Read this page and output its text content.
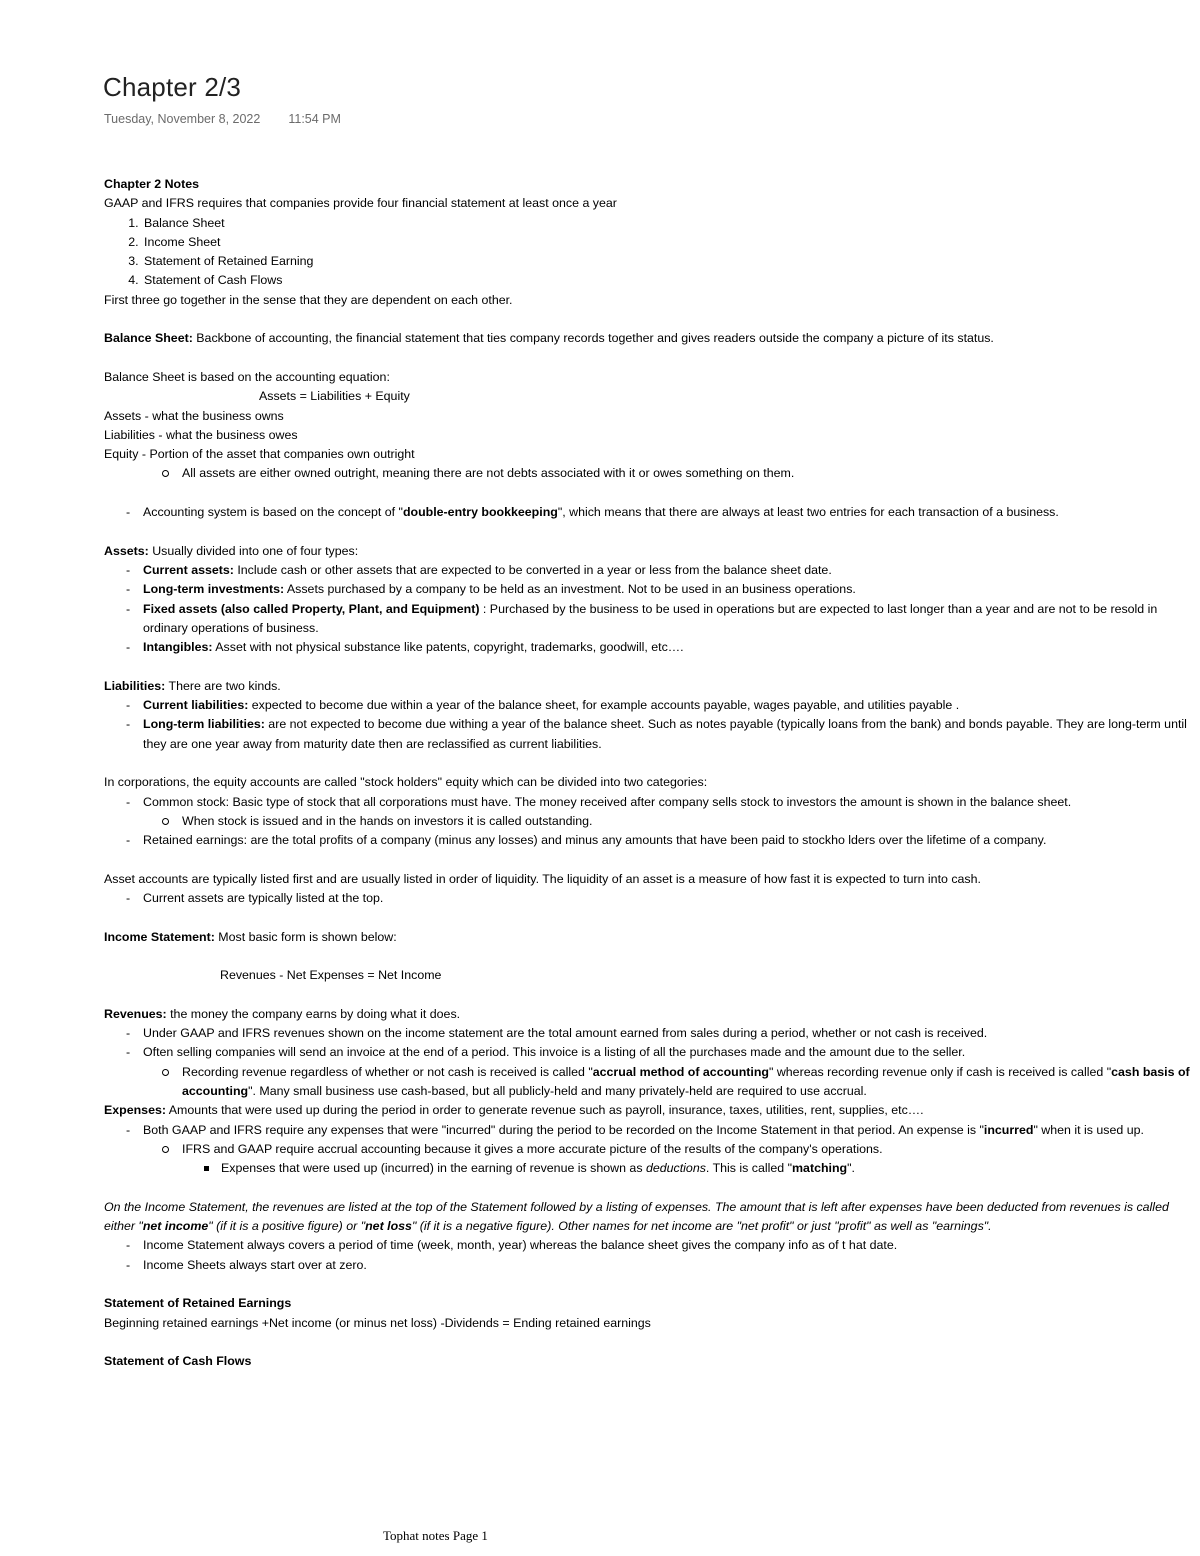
Chapter 2/3
Tuesday, November 8, 2022 11:54 PM

Chapter 2 Notes

GAAP and IFRS requires that companies provide four financial statement at least once a year

1. Balance Sheet
2. Income Sheet
3. Statement of Retained Earning
4. Statement of Cash Flows

First three go together in the sense that they are dependent on each other.

Balance Sheet: Backbone of accounting, the financial statement that ties company records together and gives readers outside the company a picture of its status.

Balance Sheet is based on the accounting equation:

Assets = Liabilities + Equity

Assets - what the business owns

Liabilities - what the business owes

Equity - Portion of the asset that companies own outright

All assets are either owned outright, meaning there are not debts associated with it or owes something on them.
- Accounting system is based on the concept of "double-entry bookkeeping", which means that there are always at least two entries for each transaction of a business.

Assets: Usually divided into one of four types:

- Current assets: Include cash or other assets that are expected to be converted in a year or less from the balance sheet date.
- Long-term investments: Assets purchased by a company to be held as an investment. Not to be used in an business operations.
- Fixed assets (also called Property, Plant, and Equipment) : Purchased by the business to be used in operations but are expected to last longer than a year and are not to be resold in ordinary operations of business.
- Intangibles: Asset with not physical substance like patents, copyright, trademarks, goodwill, etc….

Liabilities: There are two kinds.

- Current liabilities: expected to become due within a year of the balance sheet, for example accounts payable, wages payable, and utilities payable .
- Long-term liabilities: are not expected to become due withing a year of the balance sheet. Such as notes payable (typically loans from the bank) and bonds payable. They are long-term until they are one year away from maturity date then are reclassified as current liabilities.

In corporations, the equity accounts are called "stock holders" equity which can be divided into two categories:

- Common stock: Basic type of stock that all corporations must have. The money received after company sells stock to investors the amount is shown in the balance sheet.
When stock is issued and in the hands on investors it is called outstanding.
- Retained earnings: are the total profits of a company (minus any losses) and minus any amounts that have been paid to stockho lders over the lifetime of a company.

Asset accounts are typically listed first and are usually listed in order of liquidity. The liquidity of an asset is a measure of how fast it is expected to turn into cash.

- Current assets are typically listed at the top.

Income Statement: Most basic form is shown below:

Revenues - Net Expenses = Net Income

Revenues: the money the company earns by doing what it does.

- Under GAAP and IFRS revenues shown on the income statement are the total amount earned from sales during a period, whether or not cash is received.
- Often selling companies will send an invoice at the end of a period. This invoice is a listing of all the purchases made and the amount due to the seller.
Recording revenue regardless of whether or not cash is received is called "accrual method of accounting" whereas recording revenue only if cash is received is called "cash basis of accounting". Many small business use cash-based, but all publicly-held and many privately-held are required to use accrual.

Expenses: Amounts that were used up during the period in order to generate revenue such as payroll, insurance, taxes, utilities, rent, supplies, etc….

- Both GAAP and IFRS require any expenses that were "incurred" during the period to be recorded on the Income Statement in that period. An expense is "incurred" when it is used up.
IFRS and GAAP require accrual accounting because it gives a more accurate picture of the results of the company's operations.
Expenses that were used up (incurred) in the earning of revenue is shown as deductions. This is called "matching".

On the Income Statement, the revenues are listed at the top of the Statement followed by a listing of expenses. The amount that is left after expenses have been deducted from revenues is called either "net income" (if it is a positive figure) or "net loss" (if it is a negative figure). Other names for net income are "net profit" or just "profit" as well as "earnings".

- Income Statement always covers a period of time (week, month, year) whereas the balance sheet gives the company info as of t hat date.
- Income Sheets always start over at zero.

Statement of Retained Earnings

Beginning retained earnings +Net income (or minus net loss) -Dividends = Ending retained earnings

Statement of Cash Flows

Tophat notes Page 1
